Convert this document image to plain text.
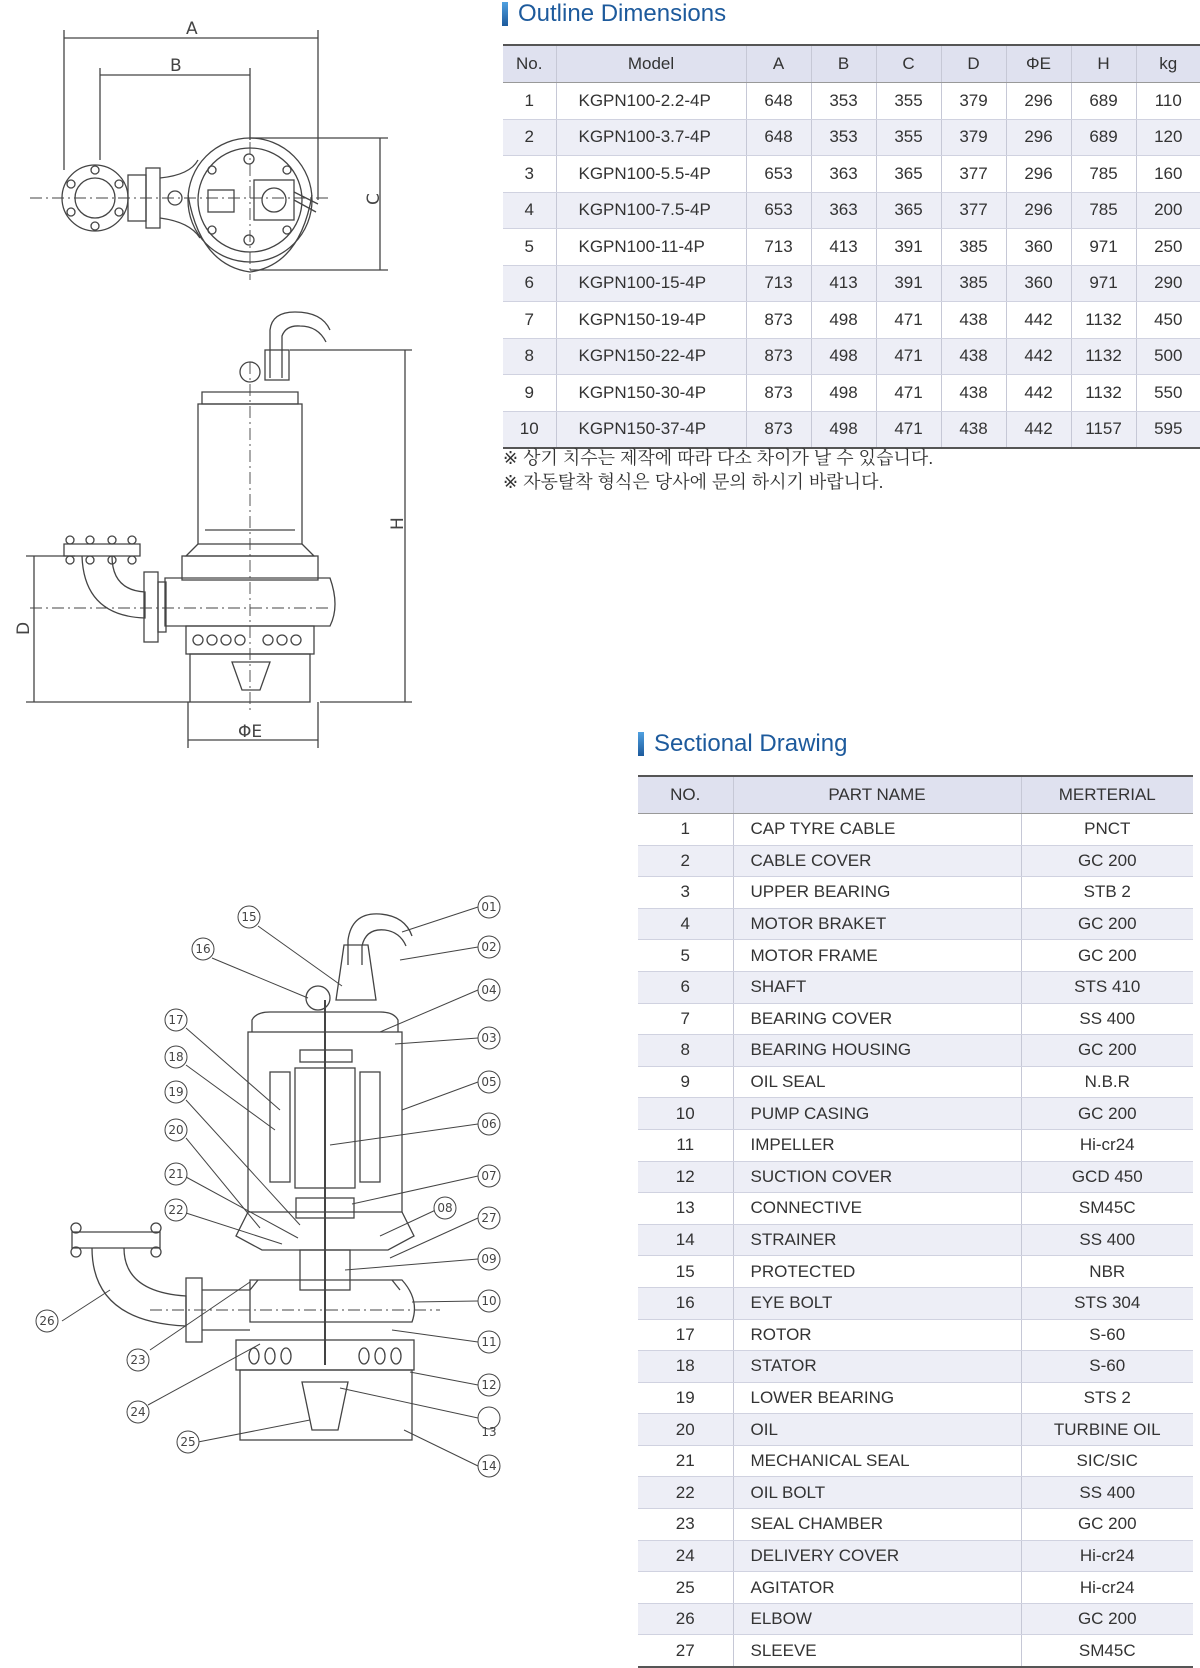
A
B
C
H
D
ΦE
01
02
03
04
05
06
07
08
09
10
11
12
13
14
15
16
17
18
19
20
21
22
23
24
25
26
27
Outline Dimensions
No.	Model	A	B	C	D	ΦE	H	kg
1	KGPN100-2.2-4P	648	353	355	379	296	689	110
2	KGPN100-3.7-4P	648	353	355	379	296	689	120
3	KGPN100-5.5-4P	653	363	365	377	296	785	160
4	KGPN100-7.5-4P	653	363	365	377	296	785	200
5	KGPN100-11-4P	713	413	391	385	360	971	250
6	KGPN100-15-4P	713	413	391	385	360	971	290
7	KGPN150-19-4P	873	498	471	438	442	1132	450
8	KGPN150-22-4P	873	498	471	438	442	1132	500
9	KGPN150-30-4P	873	498	471	438	442	1132	550
10	KGPN150-37-4P	873	498	471	438	442	1157	595
※ 상기 치수는 제작에 따라 다소 차이가 날 수 있습니다.
※ 자동탈착 형식은 당사에 문의 하시기 바랍니다.
Sectional Drawing
NO.	PART NAME	MERTERIAL
1	CAP TYRE CABLE	PNCT
2	CABLE COVER	GC 200
3	UPPER BEARING	STB 2
4	MOTOR BRAKET	GC 200
5	MOTOR FRAME	GC 200
6	SHAFT	STS 410
7	BEARING COVER	SS 400
8	BEARING HOUSING	GC 200
9	OIL SEAL	N.B.R
10	PUMP CASING	GC 200
11	IMPELLER	Hi-cr24
12	SUCTION COVER	GCD 450
13	CONNECTIVE	SM45C
14	STRAINER	SS 400
15	PROTECTED	NBR
16	EYE BOLT	STS 304
17	ROTOR	S-60
18	STATOR	S-60
19	LOWER BEARING	STS 2
20	OIL	TURBINE OIL
21	MECHANICAL SEAL	SIC/SIC
22	OIL BOLT	SS 400
23	SEAL CHAMBER	GC 200
24	DELIVERY COVER	Hi-cr24
25	AGITATOR	Hi-cr24
26	ELBOW	GC 200
27	SLEEVE	SM45C
